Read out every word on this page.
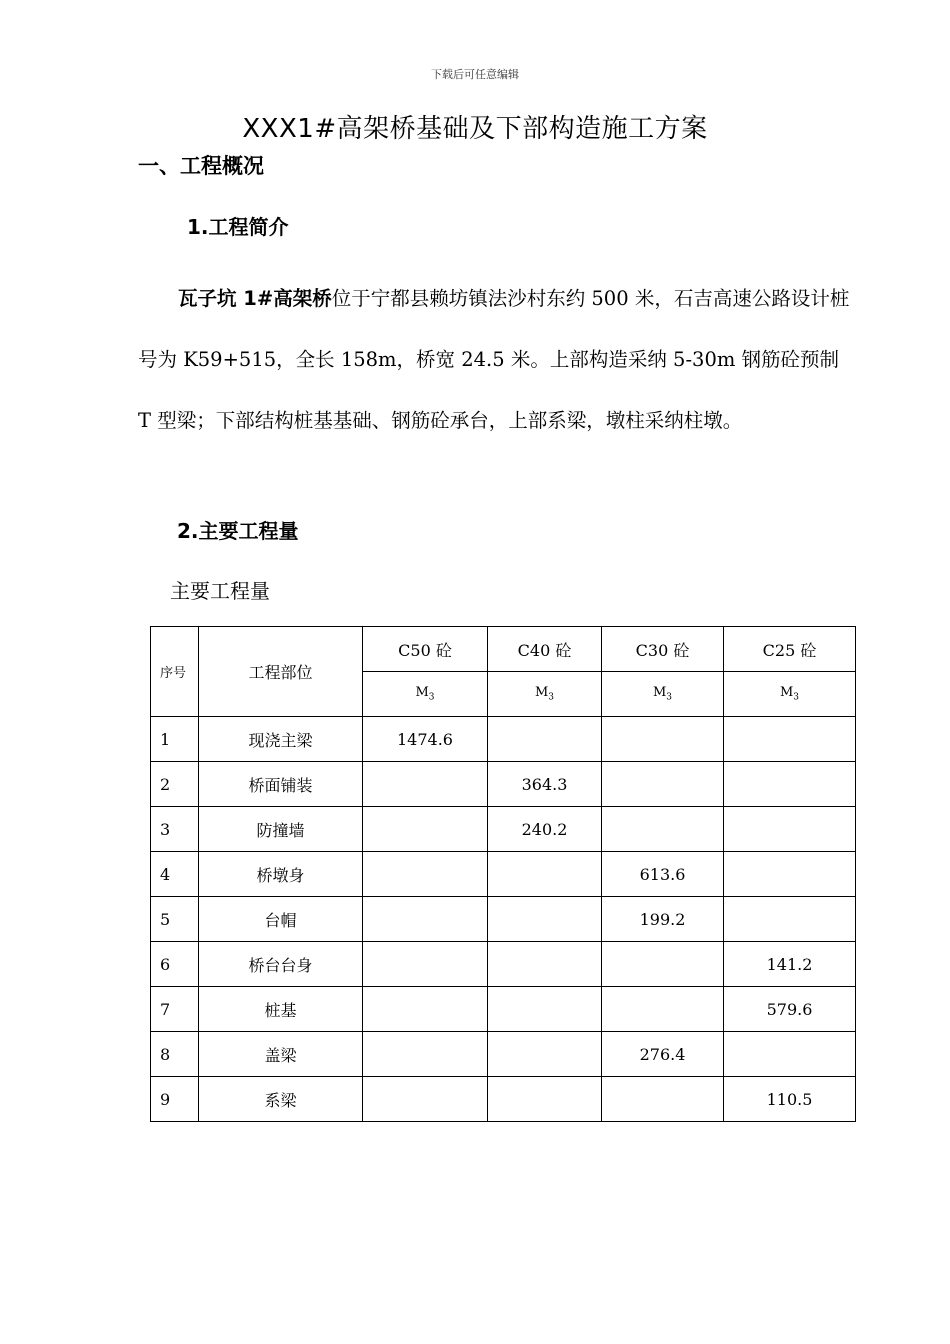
下载后可任意编辑
XXX1#高架桥基础及下部构造施工方案
一、工程概况
1.工程简介
瓦子坑 1#高架桥位于宁都县赖坊镇法沙村东约 500 米，石吉高速公路设计桩号为 K59+515，全长 158m，桥宽 24.5 米。上部构造采纳 5-30m 钢筋砼预制 T 型梁；下部结构桩基基础、钢筋砼承台，上部系梁，墩柱采纳柱墩。
2.主要工程量
主要工程量
序号	工程部位	C50 砼	C40 砼	C30 砼	C25 砼
		$M_3$	$M_3$	$M_3$	$M_3$
1	现浇主梁	1474.6			
2	桥面铺装		364.3		
3	防撞墙		240.2		
4	桥墩身			613.6	
5	台帽			199.2	
6	桥台台身				141.2
7	桩基				579.6
8	盖梁			276.4	
9	系梁				110.5
